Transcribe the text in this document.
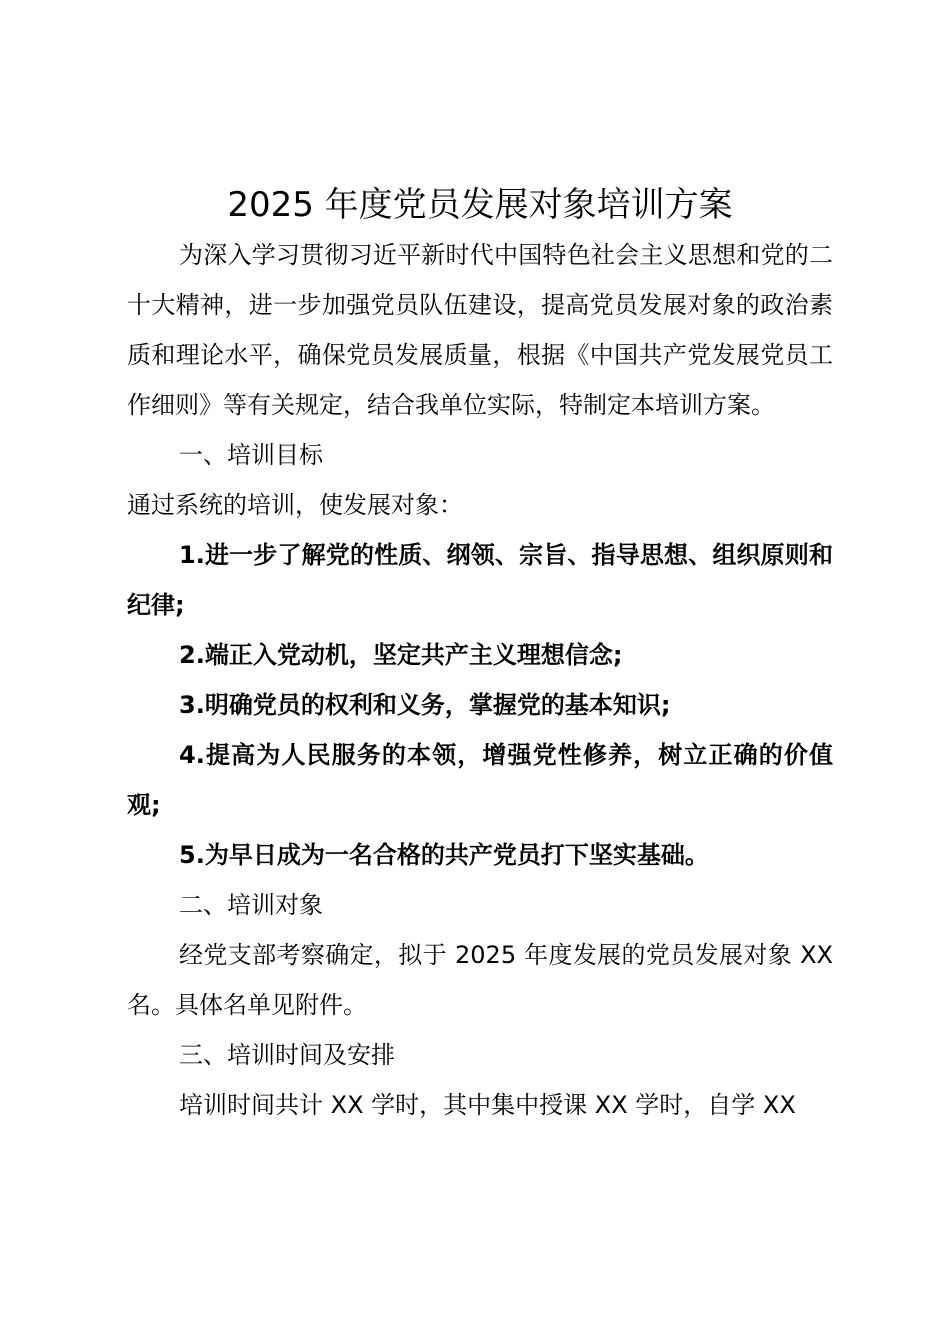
2025 年度党员发展对象培训方案

为深入学习贯彻习近平新时代中国特色社会主义思想和党的二十大精神，进一步加强党员队伍建设，提高党员发展对象的政治素质和理论水平，确保党员发展质量，根据《中国共产党发展党员工作细则》等有关规定，结合我单位实际，特制定本培训方案。

一、培训目标

通过系统的培训，使发展对象：

1.进一步了解党的性质、纲领、宗旨、指导思想、组织原则和纪律;

2.端正入党动机，坚定共产主义理想信念;

3.明确党员的权利和义务，掌握党的基本知识;

4.提高为人民服务的本领，增强党性修养，树立正确的价值观;

5.为早日成为一名合格的共产党员打下坚实基础。

二、培训对象

经党支部考察确定，拟于 2025 年度发展的党员发展对象 XX 名。具体名单见附件。

三、培训时间及安排

培训时间共计 XX 学时，其中集中授课 XX 学时，自学 XX
